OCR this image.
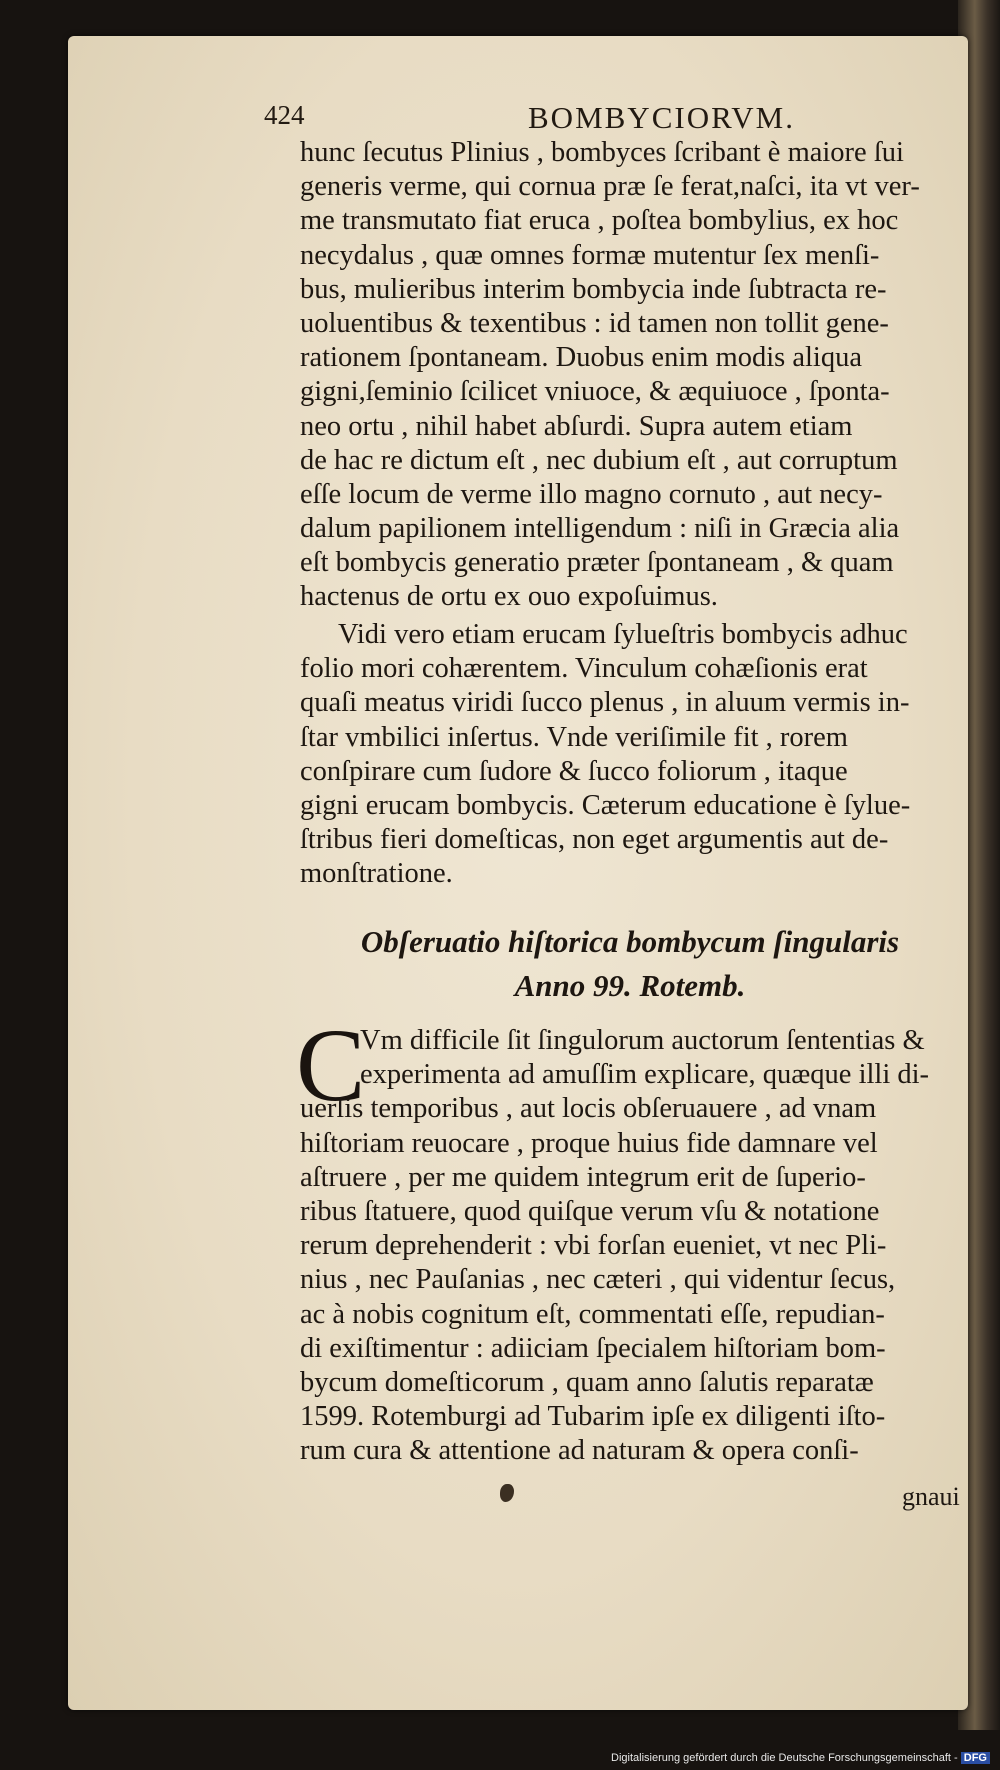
424	BOMBYCIORVM.
hunc ſecutus Plinius , bombyces ſcribant è maiore ſui
generis verme, qui cornua præ ſe ferat,naſci, ita vt ver-
me transmutato fiat eruca , poſtea bombylius, ex hoc
necydalus , quæ omnes formæ mutentur ſex menſi-
bus, mulieribus interim bombycia inde ſubtracta re-
uoluentibus & texentibus : id tamen non tollit gene-
rationem ſpontaneam. Duobus enim modis aliqua
gigni,ſeminio ſcilicet vniuoce, & æquiuoce , ſponta-
neo ortu , nihil habet abſurdi. Supra autem etiam
de hac re dictum eſt , nec dubium eſt , aut corruptum
eſſe locum de verme illo magno cornuto , aut necy-
dalum papilionem intelligendum : niſi in Græcia alia
eſt bombycis generatio præter ſpontaneam , & quam
hactenus de ortu ex ouo expoſuimus.
Vidi vero etiam erucam ſylueſtris bombycis adhuc
folio mori cohærentem. Vinculum cohæſionis erat
quaſi meatus viridi ſucco plenus , in aluum vermis in-
ſtar vmbilici inſertus. Vnde veriſimile fit , rorem
conſpirare cum ſudore & ſucco foliorum , itaque
gigni erucam bombycis. Cæterum educatione è ſylue-
ſtribus fieri domeſticas, non eget argumentis aut de-
monſtratione.
Obſeruatio hiſtorica bombycum ſingularis
Anno 99. Rotemb.
C
Vm difficile ſit ſingulorum auctorum ſententias &
experimenta ad amuſſim explicare, quæque illi di-
uerſis temporibus , aut locis obſeruauere , ad vnam
hiſtoriam reuocare , proque huius fide damnare vel
aſtruere , per me quidem integrum erit de ſuperio-
ribus ſtatuere, quod quiſque verum vſu & notatione
rerum deprehenderit : vbi forſan eueniet, vt nec Pli-
nius , nec Pauſanias , nec cæteri , qui videntur ſecus,
ac à nobis cognitum eſt, commentati eſſe, repudian-
di exiſtimentur : adiiciam ſpecialem hiſtoriam bom-
bycum domeſticorum , quam anno ſalutis reparatæ
1599. Rotemburgi ad Tubarim ipſe ex diligenti iſto-
rum cura & attentione ad naturam & opera conſi-
gnaui
Digitalisierung gefördert durch die Deutsche Forschungsgemeinschaft - DFG
